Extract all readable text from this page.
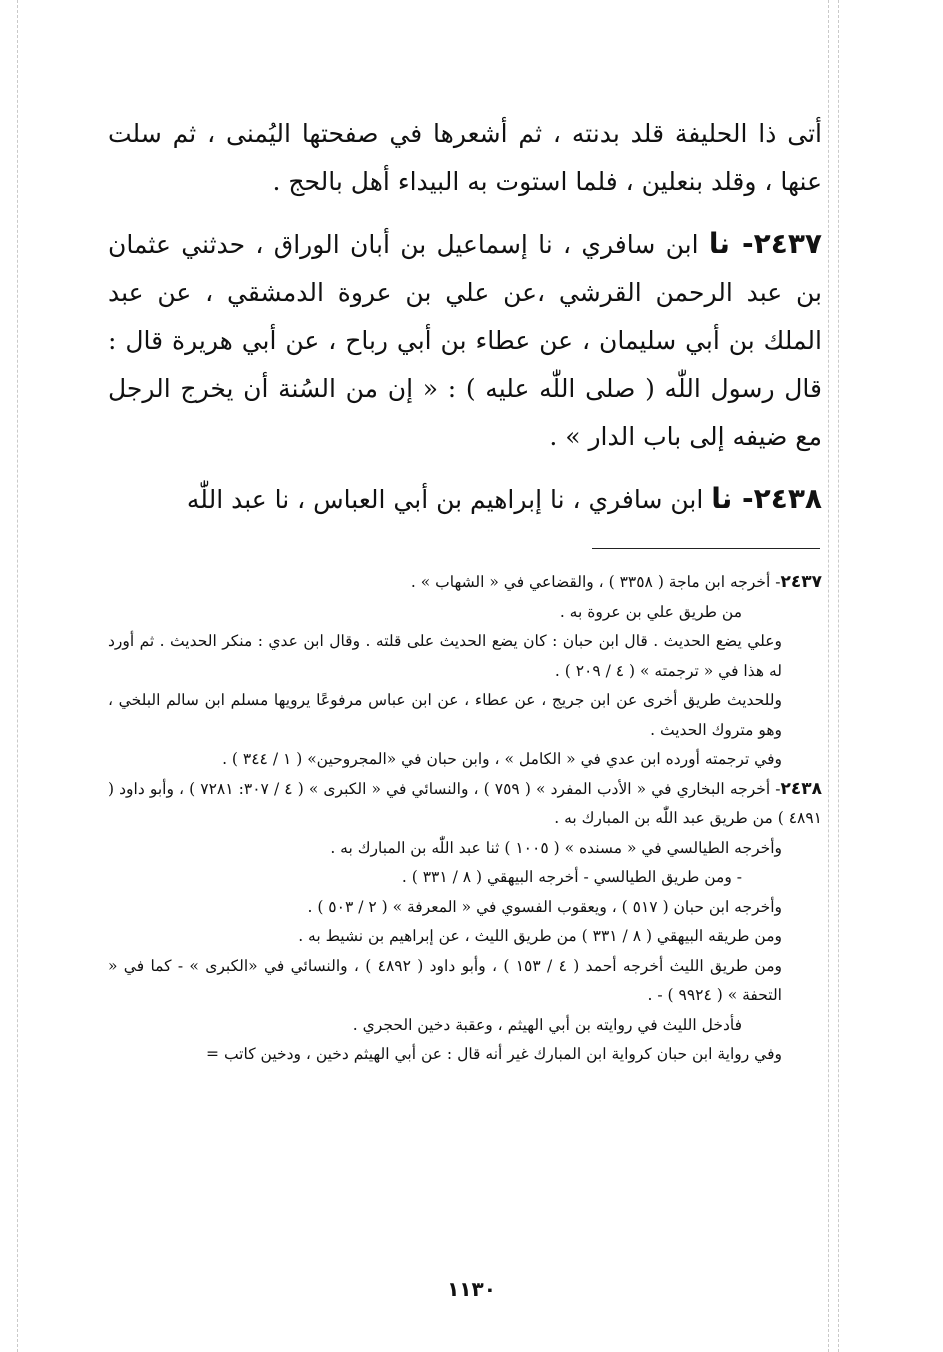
أتى ذا الحليفة قلد بدنته ، ثم أشعرها في صفحتها اليُمنى ، ثم سلت عنها ، وقلد بنعلين ، فلما استوت به البيداء أهل بالحج .

٢٤٣٧- نا ابن سافري ، نا إسماعيل بن أبان الوراق ، حدثني عثمان بن عبد الرحمن القرشي ،عن علي بن عروة الدمشقي ، عن عبد الملك بن أبي سليمان ، عن عطاء بن أبي رباح ، عن أبي هريرة قال : قال رسول اللّٰه ( صلى اللّٰه عليه ) : « إن من السُنة أن يخرج الرجل مع ضيفه إلى باب الدار » .

٢٤٣٨- نا ابن سافري ، نا إبراهيم بن أبي العباس ، نا عبد اللّٰه

٢٤٣٧- أخرجه ابن ماجة ( ٣٣٥٨ ) ، والقضاعي في « الشهاب » .

من طريق علي بن عروة به .

وعلي يضع الحديث . قال ابن حبان : كان يضع الحديث على قلته . وقال ابن عدي : منكر الحديث . ثم أورد له هذا في « ترجمته » ( ٤ / ٢٠٩ ) .

وللحديث طريق أخرى عن ابن جريج ، عن عطاء ، عن ابن عباس مرفوعًا يرويها مسلم ابن سالم البلخي ، وهو متروك الحديث .

وفي ترجمته أورده ابن عدي في « الكامل » ، وابن حبان في «المجروحين» ( ١ / ٣٤٤ ) .

٢٤٣٨- أخرجه البخاري في « الأدب المفرد » ( ٧٥٩ ) ، والنسائي في « الكبرى » ( ٤ / ٣٠٧: ٧٢٨١ ) ، وأبو داود ( ٤٨٩١ ) من طريق عبد اللّٰه بن المبارك به .

وأخرجه الطيالسي في « مسنده » ( ١٠٠٥ ) ثنا عبد اللّٰه بن المبارك به .

- ومن طريق الطيالسي - أخرجه البيهقي ( ٨ / ٣٣١ ) .

وأخرجه ابن حبان ( ٥١٧ ) ، ويعقوب الفسوي في « المعرفة » ( ٢ / ٥٠٣ ) .

ومن طريقه البيهقي ( ٨ / ٣٣١ ) من طريق الليث ، عن إبراهيم بن نشيط به .

ومن طريق الليث أخرجه أحمد ( ٤ / ١٥٣ ) ، وأبو داود ( ٤٨٩٢ ) ، والنسائي في «الكبرى » - كما في « التحفة » ( ٩٩٢٤ ) - .

فأدخل الليث في روايته بن أبي الهيثم ، وعقبة دخين الحجري .

وفي رواية ابن حبان كرواية ابن المبارك غير أنه قال : عن أبي الهيثم دخين ، ودخين كاتب =

١١٣٠
